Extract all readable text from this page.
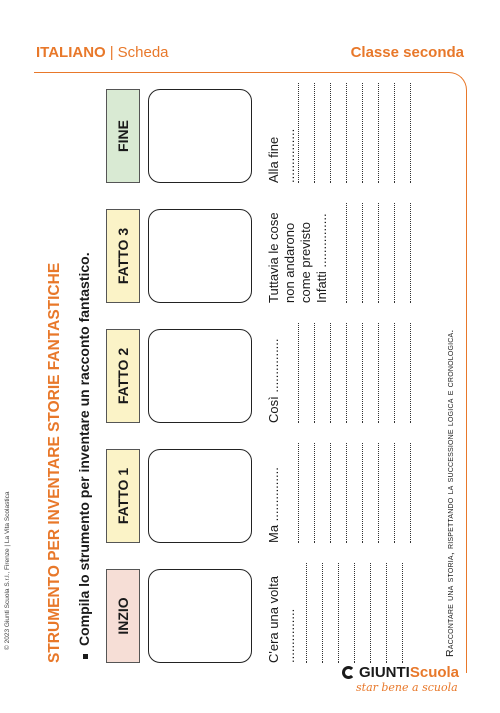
ITALIANO | Scheda	Classe seconda
© 2023 Giunti Scuola S.r.l., Firenze | La Vita Scolastica STRUMENTO PER INVENTARE STORIE FANTASTICHE Compila lo strumento per inventare un racconto fantastico.	INZIO
FATTO 1
FATTO 2
FATTO 3
FINE
C'era una volta ...............
Ma ...............
Così ...............
Tuttavia le cose non andarono come previsto Infatti ...............
Alla fine ...............
Raccontare una storia, rispettando la successione logica e cronologica.
GIUNTI Scuola
star bene a scuola
